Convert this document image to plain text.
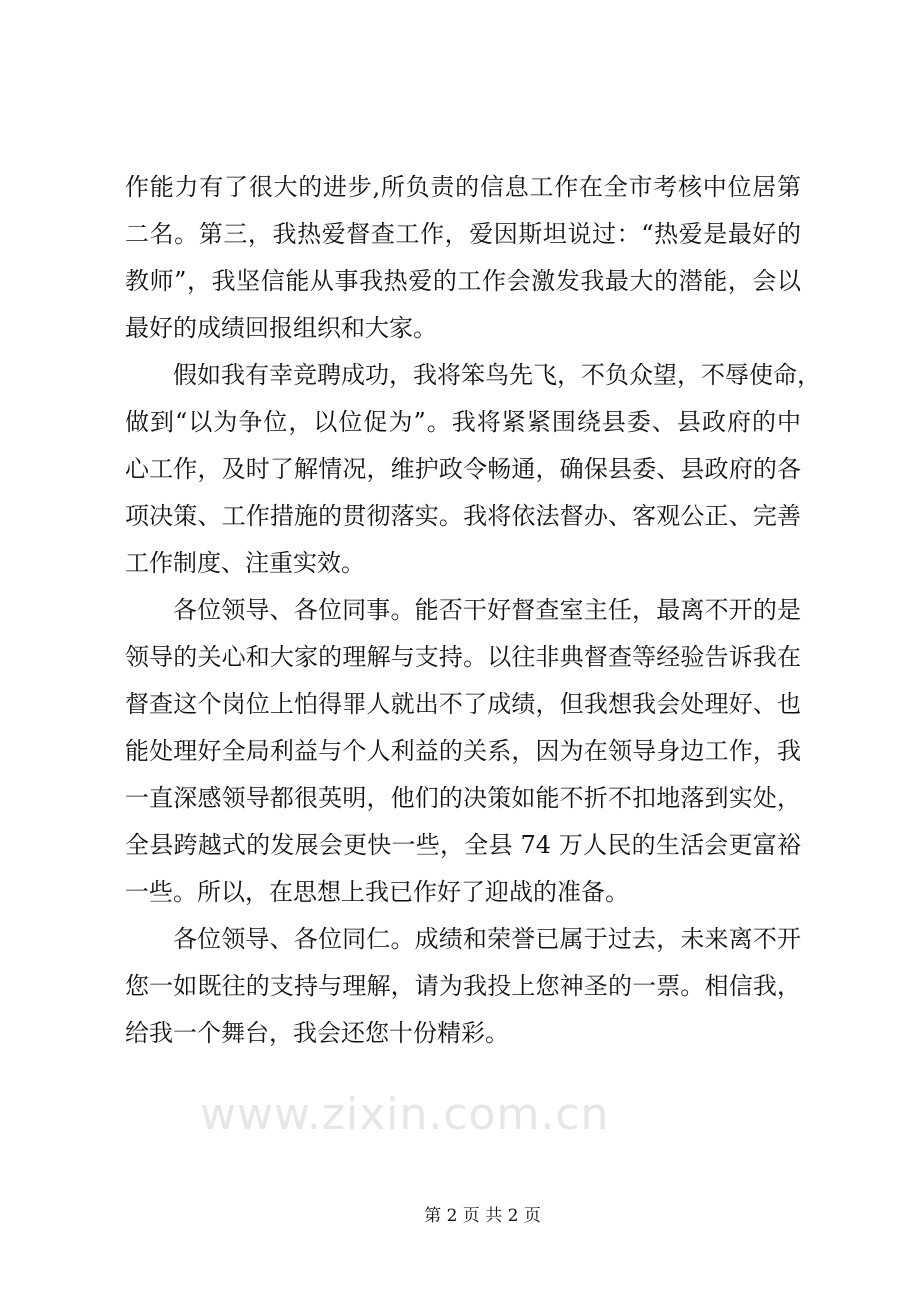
www.zixin.com.cn
作能力有了很大的进步,所负责的信息工作在全市考核中位居第
二名。第三，我热爱督查工作，爱因斯坦说过：“热爱是最好的
教师”，我坚信能从事我热爱的工作会激发我最大的潜能，会以
最好的成绩回报组织和大家。
假如我有幸竞聘成功，我将笨鸟先飞，不负众望，不辱使命，
做到“以为争位，以位促为”。我将紧紧围绕县委、县政府的中
心工作，及时了解情况，维护政令畅通，确保县委、县政府的各
项决策、工作措施的贯彻落实。我将依法督办、客观公正、完善
工作制度、注重实效。
各位领导、各位同事。能否干好督查室主任，最离不开的是
领导的关心和大家的理解与支持。以往非典督查等经验告诉我在
督查这个岗位上怕得罪人就出不了成绩，但我想我会处理好、也
能处理好全局利益与个人利益的关系，因为在领导身边工作，我
一直深感领导都很英明，他们的决策如能不折不扣地落到实处，
全县跨越式的发展会更快一些，全县 74 万人民的生活会更富裕
一些。所以，在思想上我已作好了迎战的准备。
各位领导、各位同仁。成绩和荣誉已属于过去，未来离不开
您一如既往的支持与理解，请为我投上您神圣的一票。相信我，
给我一个舞台，我会还您十份精彩。
第 2 页 共 2 页
